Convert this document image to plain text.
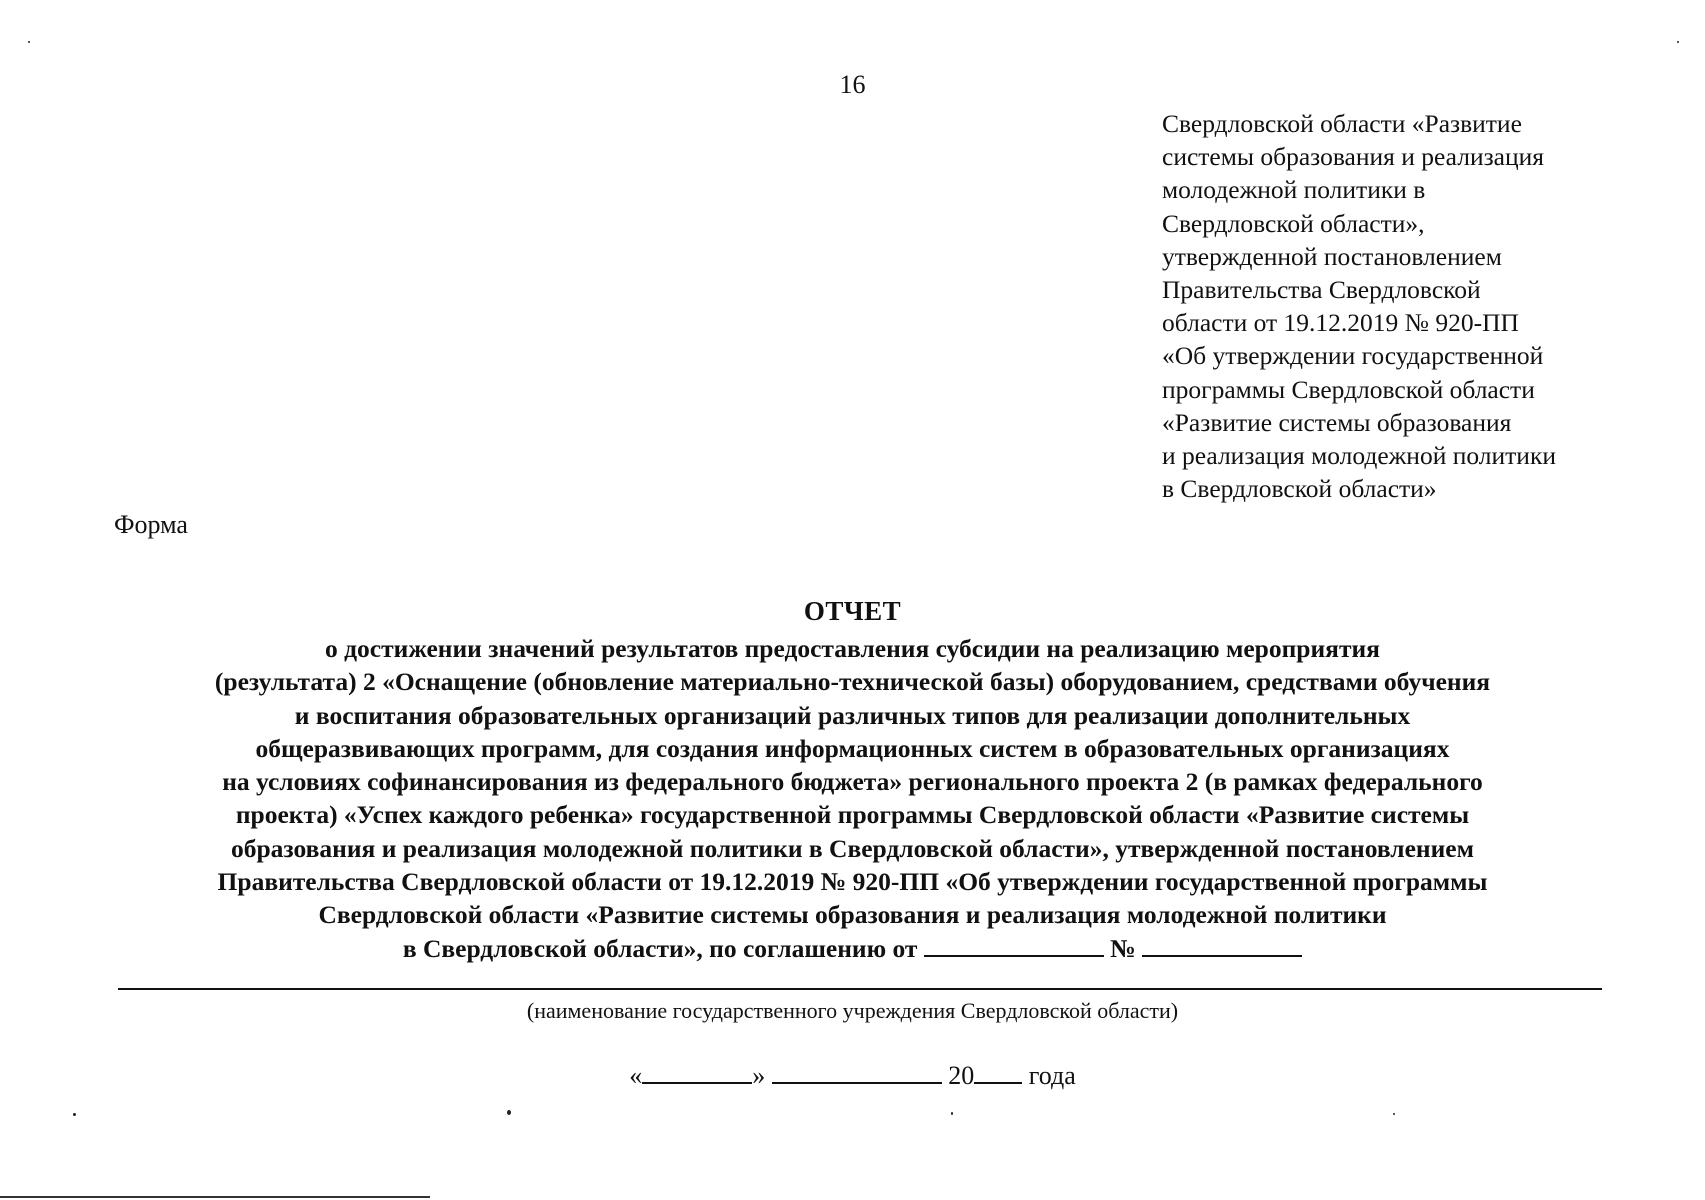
16
Свердловской области «Развитие
системы образования и реализация
молодежной политики в
Свердловской области»,
утвержденной постановлением
Правительства Свердловской
области от 19.12.2019 № 920-ПП
«Об утверждении государственной
программы Свердловской области
«Развитие системы образования
и реализация молодежной политики
в Свердловской области»
Форма
ОТЧЕТ
о достижении значений результатов предоставления субсидии на реализацию мероприятия
(результата) 2 «Оснащение (обновление материально-технической базы) оборудованием, средствами обучения
и воспитания образовательных организаций различных типов для реализации дополнительных
общеразвивающих программ, для создания информационных систем в образовательных организациях
на условиях софинансирования из федерального бюджета» регионального проекта 2 (в рамках федерального
проекта) «Успех каждого ребенка» государственной программы Свердловской области «Развитие системы
образования и реализация молодежной политики в Свердловской области», утвержденной постановлением
Правительства Свердловской области от 19.12.2019 № 920-ПП «Об утверждении государственной программы
Свердловской области «Развитие системы образования и реализация молодежной политики
в Свердловской области», по соглашению от	№
(наименование государственного учреждения Свердловской области)
«	»	20 года
